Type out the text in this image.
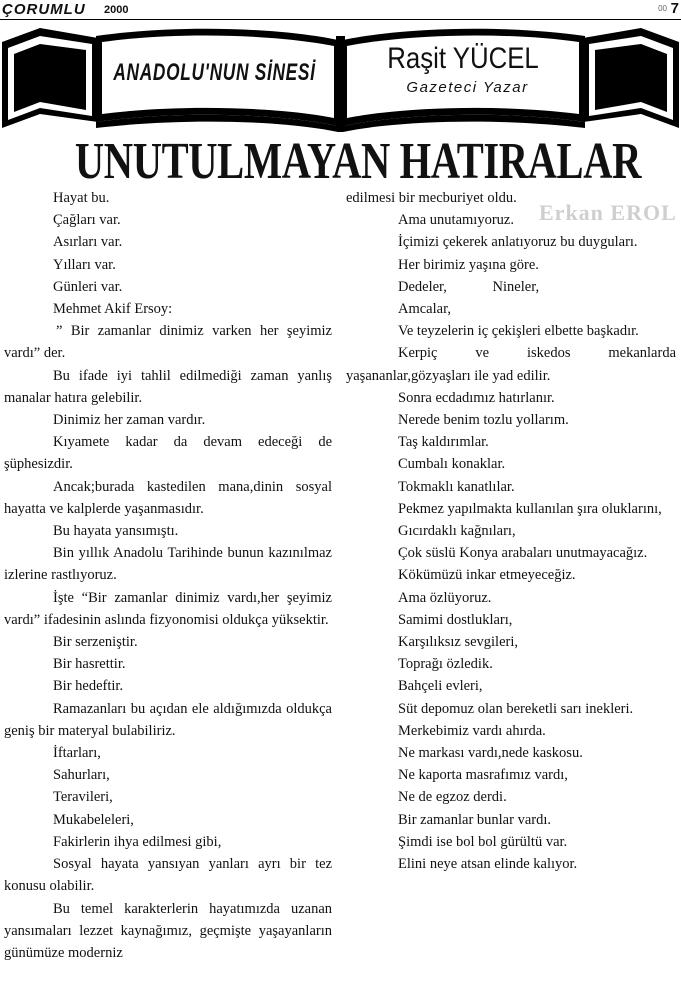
ÇORUMLU 2000	00 7
ANADOLU'NUN SİNESİ Raşit YÜCEL
Gazeteci Yazar
UNUTULMAYAN HATIRALAR
Erkan EROL

Hayat bu.

Çağları var.

Asırları var.

Yılları var.

Günleri var.

Mehmet Akif Ersoy:

” Bir zamanlar dinimiz varken her şeyimiz vardı” der.

Bu ifade iyi tahlil edilmediği zaman yanlış manalar hatıra gelebilir.

Dinimiz her zaman vardır.

Kıyamete kadar da devam edeceği de şüphesizdir.

Ancak;burada kastedilen mana,dinin sosyal hayatta ve kalplerde yaşanmasıdır.

Bu hayata yansımıştı.

Bin yıllık Anadolu Tarihinde bunun kazınılmaz izlerine rastlıyoruz.

İşte “Bir zamanlar dinimiz vardı,her şeyimiz vardı” ifadesinin aslında fizyonomisi oldukça yüksektir.

Bir serzeniştir.

Bir hasrettir.

Bir hedeftir.

Ramazanları bu açıdan ele aldığımızda oldukça geniş bir materyal bulabiliriz.

İftarları,

Sahurları,

Teravileri,

Mukabeleleri,

Fakirlerin ihya edilmesi gibi,

Sosyal hayata yansıyan yanları ayrı bir tez konusu olabilir.

Bu temel karakterlerin hayatımızda uzanan yansımaları lezzet kaynağımız, geçmişte yaşayanların günümüze moderniz

edilmesi bir mecburiyet oldu.

Ama unutamıyoruz.

İçimizi çekerek anlatıyoruz bu duyguları.

Her birimiz yaşına göre.

Dedeler, Nineler,

Amcalar,

Ve teyzelerin iç çekişleri elbette başkadır.

Kerpiç ve iskedos mekanlarda yaşananlar,gözyaşları ile yad edilir.

Sonra ecdadımız hatırlanır.

Nerede benim tozlu yollarım.

Taş kaldırımlar.

Cumbalı konaklar.

Tokmaklı kanatlılar.

Pekmez yapılmakta kullanılan şıra oluklarını,

Gıcırdaklı kağnıları,

Çok süslü Konya arabaları unutmayacağız.

Kökümüzü inkar etmeyeceğiz.

Ama özlüyoruz.

Samimi dostlukları,

Karşılıksız sevgileri,

Toprağı özledik.

Bahçeli evleri,

Süt depomuz olan bereketli sarı inekleri.

Merkebimiz vardı ahırda.

Ne markası vardı,nede kaskosu.

Ne kaporta masrafımız vardı,

Ne de egzoz derdi.

Bir zamanlar bunlar vardı.

Şimdi ise bol bol gürültü var.

Elini neye atsan elinde kalıyor.
